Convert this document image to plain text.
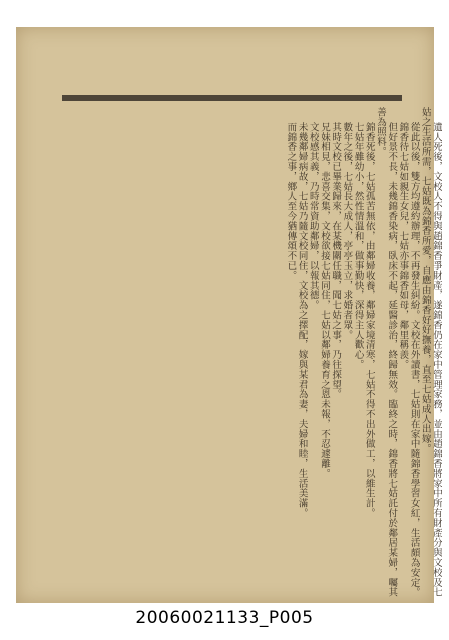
遺人死後，文校人不得與趙錦香爭財產，遂錦香仍在家中管理家務，並由趙錦香將家中所有財產分與文校及七姑之生活所需，七姑既為錦香所愛，自應由錦香好好撫養，直至七姑成人出嫁。

從此以後，雙方均遵約辦理，不再發生糾紛。文校在外讀書，七姑則在家中隨錦香學習女紅，生活頗為安定。

錦香待七姑如親生女兒，七姑亦事錦香如母，鄰里稱羨。

但好景不長，未幾錦香染病，臥床不起，延醫診治，終歸無效。臨終之時，錦香將七姑託付於鄰居某婦，囑其善為照料。

錦香死後，七姑孤苦無依，由鄰婦收養，鄰婦家境清寒，七姑不得不出外做工，以維生計。

七姑年雖幼小，然性情溫和，做事勤快，深得主人歡心。

數年之後，七姑長大成人，亭亭玉立，求婚者眾。

其時文校已畢業歸來，在某機關任職，聞七姑之事，乃往探望。

兄妹相見，悲喜交集，文校欲接七姑同住，七姑以鄰婦養育之恩未報，不忍遽離。

文校感其義，乃時常資助鄰婦，以報其德。

未幾鄰婦病故，七姑乃隨文校同住，文校為之擇配，嫁與某君為妻，夫婦和睦，生活美滿。

而錦香之事，鄉人至今猶傳頌不已。

20060021133_P005
